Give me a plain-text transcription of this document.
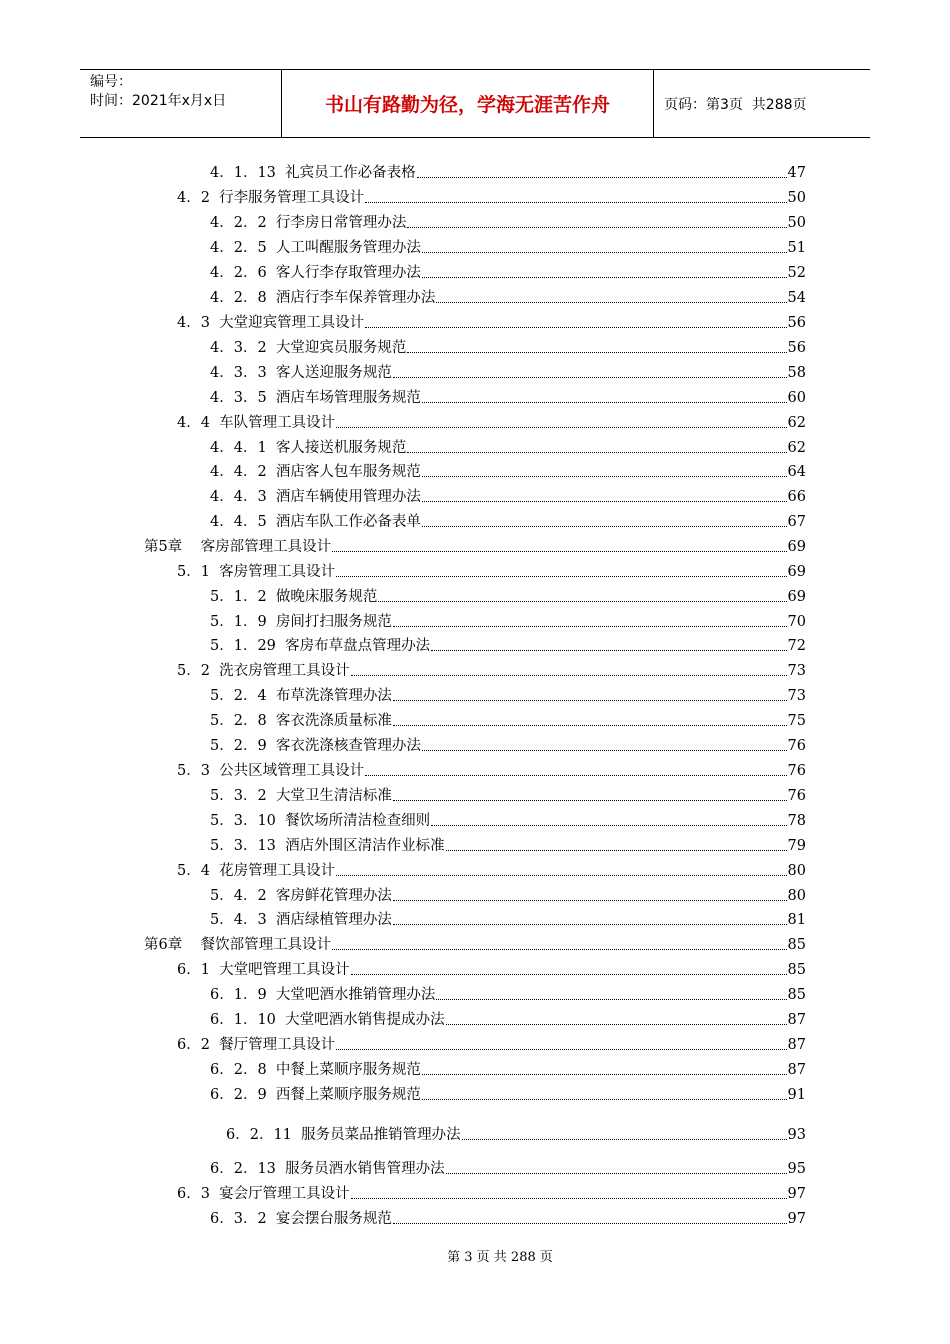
编号：
时间：2021年x月x日	书山有路勤为径，学海无涯苦作舟	页码：第3页  共288页
4．1．13  礼宾员工作必备表格	47
4．2  行李服务管理工具设计	50
4．2．2  行李房日常管理办法	50
4．2．5  人工叫醒服务管理办法	51
4．2．6  客人行李存取管理办法	52
4．2．8  酒店行李车保养管理办法	54
4．3  大堂迎宾管理工具设计	56
4．3．2  大堂迎宾员服务规范	56
4．3．3  客人送迎服务规范	58
4．3．5  酒店车场管理服务规范	60
4．4  车队管理工具设计	62
4．4．1  客人接送机服务规范	62
4．4．2  酒店客人包车服务规范	64
4．4．3  酒店车辆使用管理办法	66
4．4．5  酒店车队工作必备表单	67
第5章    客房部管理工具设计	69
5．1  客房管理工具设计	69
5．1．2  做晚床服务规范	69
5．1．9  房间打扫服务规范	70
5．1．29  客房布草盘点管理办法	72
5．2  洗衣房管理工具设计	73
5．2．4  布草洗涤管理办法	73
5．2．8  客衣洗涤质量标准	75
5．2．9  客衣洗涤核查管理办法	76
5．3  公共区域管理工具设计	76
5．3．2  大堂卫生清洁标准	76
5．3．10  餐饮场所清洁检查细则	78
5．3．13  酒店外围区清洁作业标准	79
5．4  花房管理工具设计	80
5．4．2  客房鲜花管理办法	80
5．4．3  酒店绿植管理办法	81
第6章    餐饮部管理工具设计	85
6．1  大堂吧管理工具设计	85
6．1．9  大堂吧酒水推销管理办法	85
6．1．10  大堂吧酒水销售提成办法	87
6．2  餐厅管理工具设计	87
6．2．8  中餐上菜顺序服务规范	87
6．2．9  西餐上菜顺序服务规范	91
6．2．11  服务员菜品推销管理办法	93
6．2．13  服务员酒水销售管理办法	95
6．3  宴会厅管理工具设计	97
6．3．2  宴会摆台服务规范	97
第 3 页 共 288 页
